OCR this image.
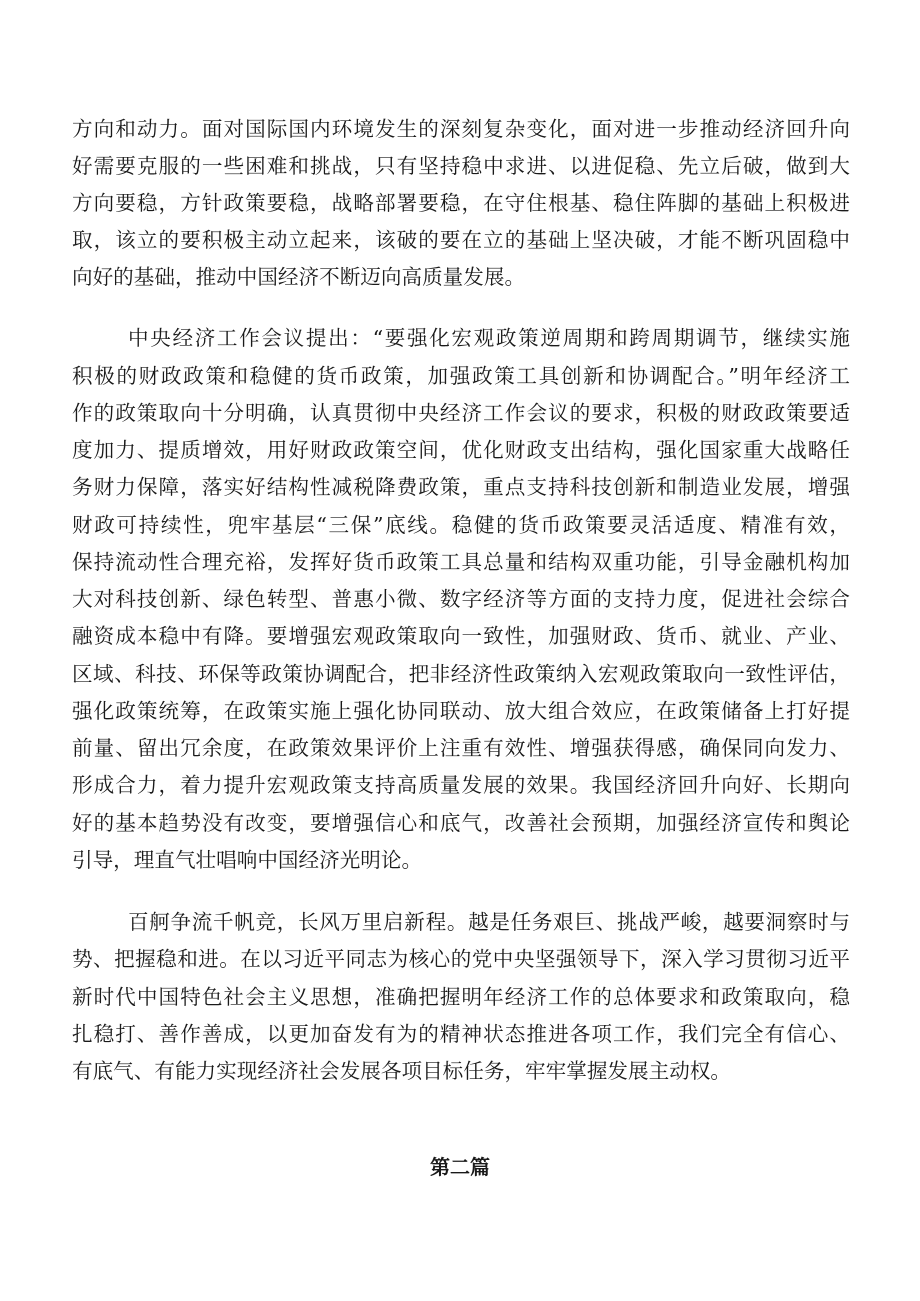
方向和动力。面对国际国内环境发生的深刻复杂变化，面对进一步推动经济回升向

好需要克服的一些困难和挑战，只有坚持稳中求进、以进促稳、先立后破，做到大

方向要稳，方针政策要稳，战略部署要稳，在守住根基、稳住阵脚的基础上积极进

取，该立的要积极主动立起来，该破的要在立的基础上坚决破，才能不断巩固稳中

向好的基础，推动中国经济不断迈向高质量发展。

中央经济工作会议提出：“要强化宏观政策逆周期和跨周期调节，继续实施

积极的财政政策和稳健的货币政策，加强政策工具创新和协调配合。”明年经济工

作的政策取向十分明确，认真贯彻中央经济工作会议的要求，积极的财政政策要适

度加力、提质增效，用好财政政策空间，优化财政支出结构，强化国家重大战略任

务财力保障，落实好结构性减税降费政策，重点支持科技创新和制造业发展，增强

财政可持续性，兜牢基层“三保”底线。稳健的货币政策要灵活适度、精准有效，

保持流动性合理充裕，发挥好货币政策工具总量和结构双重功能，引导金融机构加

大对科技创新、绿色转型、普惠小微、数字经济等方面的支持力度，促进社会综合

融资成本稳中有降。要增强宏观政策取向一致性，加强财政、货币、就业、产业、

区域、科技、环保等政策协调配合，把非经济性政策纳入宏观政策取向一致性评估，

强化政策统筹，在政策实施上强化协同联动、放大组合效应，在政策储备上打好提

前量、留出冗余度，在政策效果评价上注重有效性、增强获得感，确保同向发力、

形成合力，着力提升宏观政策支持高质量发展的效果。我国经济回升向好、长期向

好的基本趋势没有改变，要增强信心和底气，改善社会预期，加强经济宣传和舆论

引导，理直气壮唱响中国经济光明论。

百舸争流千帆竞，长风万里启新程。越是任务艰巨、挑战严峻，越要洞察时与

势、把握稳和进。在以习近平同志为核心的党中央坚强领导下，深入学习贯彻习近平

新时代中国特色社会主义思想，准确把握明年经济工作的总体要求和政策取向，稳

扎稳打、善作善成，以更加奋发有为的精神状态推进各项工作，我们完全有信心、

有底气、有能力实现经济社会发展各项目标任务，牢牢掌握发展主动权。

第二篇
